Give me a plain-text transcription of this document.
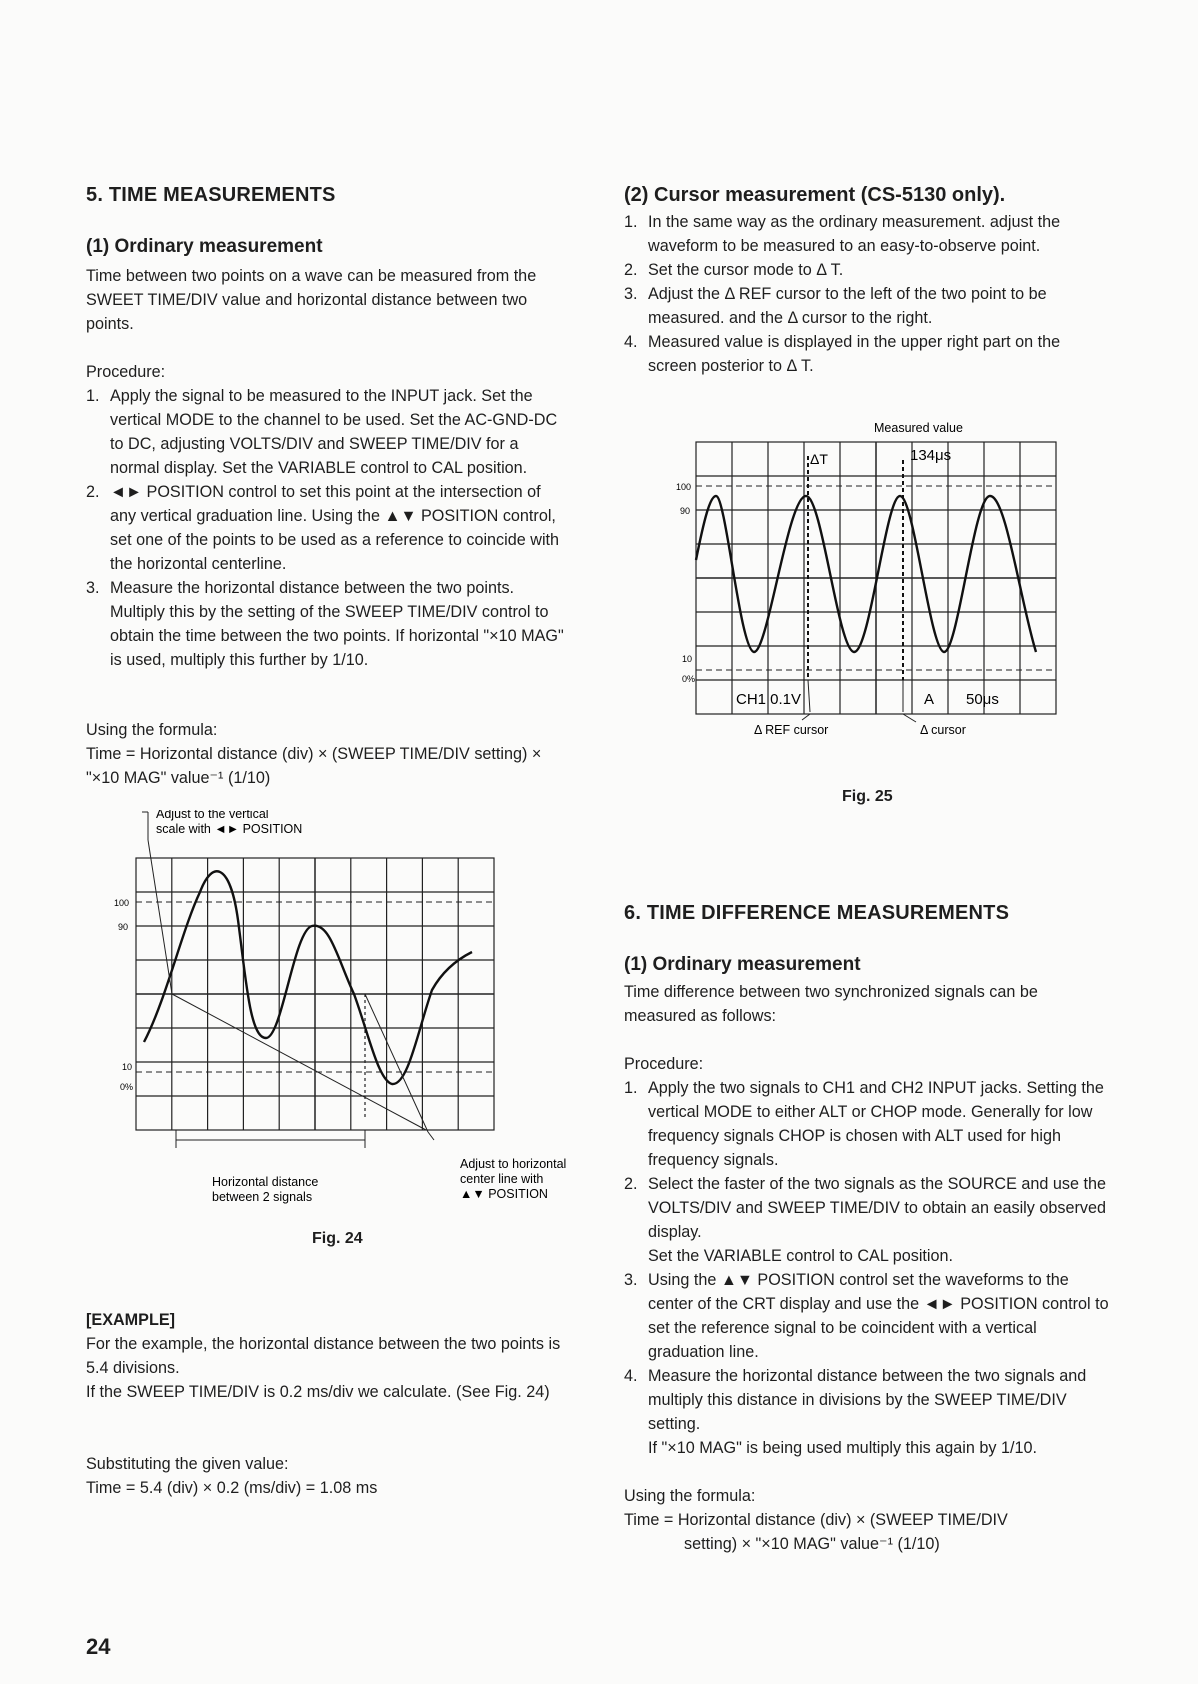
5. TIME MEASUREMENTS
(1) Ordinary measurement

Time between two points on a wave can be measured from the SWEET TIME/DIV value and horizontal distance between two points.

Procedure:

1. Apply the signal to be measured to the INPUT jack. Set the vertical MODE to the channel to be used. Set the AC-GND-DC to DC, adjusting VOLTS/DIV and SWEEP TIME/DIV for a normal display. Set the VARIABLE control to CAL position.
2. ◄► POSITION control to set this point at the intersection of any vertical graduation line. Using the ▲▼ POSITION control, set one of the points to be used as a reference to coincide with the horizontal centerline.
3. Measure the horizontal distance between the two points. Multiply this by the setting of the SWEEP TIME/DIV control to obtain the time between the two points. If horizontal "×10 MAG" is used, multiply this further by 1/10.

Using the formula:

Time = Horizontal distance (div) × (SWEEP TIME/DIV setting) × "×10 MAG" value⁻¹ (1/10)

Adjust to the vertical
scale with ◄► POSITION
100
90
10
0%
Horizontal distance
between 2 signals
Adjust to horizontal
center line with
▲▼ POSITION
Fig. 24
[EXAMPLE]

For the example, the horizontal distance between the two points is 5.4 divisions.

If the SWEEP TIME/DIV is 0.2 ms/div we calculate. (See Fig. 24)

Substituting the given value:

Time = 5.4 (div) × 0.2 (ms/div) = 1.08 ms

24
(2) Cursor measurement (CS-5130 only).
1. In the same way as the ordinary measurement. adjust the waveform to be measured to an easy-to-observe point.
2. Set the cursor mode to Δ T.
3. Adjust the Δ REF cursor to the left of the two point to be measured. and the Δ cursor to the right.
4. Measured value is displayed in the upper right part on the screen posterior to Δ T.
Measured value
ΔT	134μs
100
90
10
0%
CH1 0.1V	A 50μs
Δ REF cursor	Δ cursor
Fig. 25
6. TIME DIFFERENCE MEASUREMENTS
(1) Ordinary measurement

Time difference between two synchronized signals can be measured as follows:

Procedure:

1. Apply the two signals to CH1 and CH2 INPUT jacks. Setting the vertical MODE to either ALT or CHOP mode. Generally for low frequency signals CHOP is chosen with ALT used for high frequency signals.
2. Select the faster of the two signals as the SOURCE and use the VOLTS/DIV and SWEEP TIME/DIV to obtain an easily observed display.
Set the VARIABLE control to CAL position.
3. Using the ▲▼ POSITION control set the waveforms to the center of the CRT display and use the ◄► POSITION control to set the reference signal to be coincident with a vertical graduation line.
4. Measure the horizontal distance between the two signals and multiply this distance in divisions by the SWEEP TIME/DIV setting.
If "×10 MAG" is being used multiply this again by 1/10.

Using the formula:

Time = Horizontal distance (div) × (SWEEP TIME/DIV

setting) × "×10 MAG" value⁻¹ (1/10)
